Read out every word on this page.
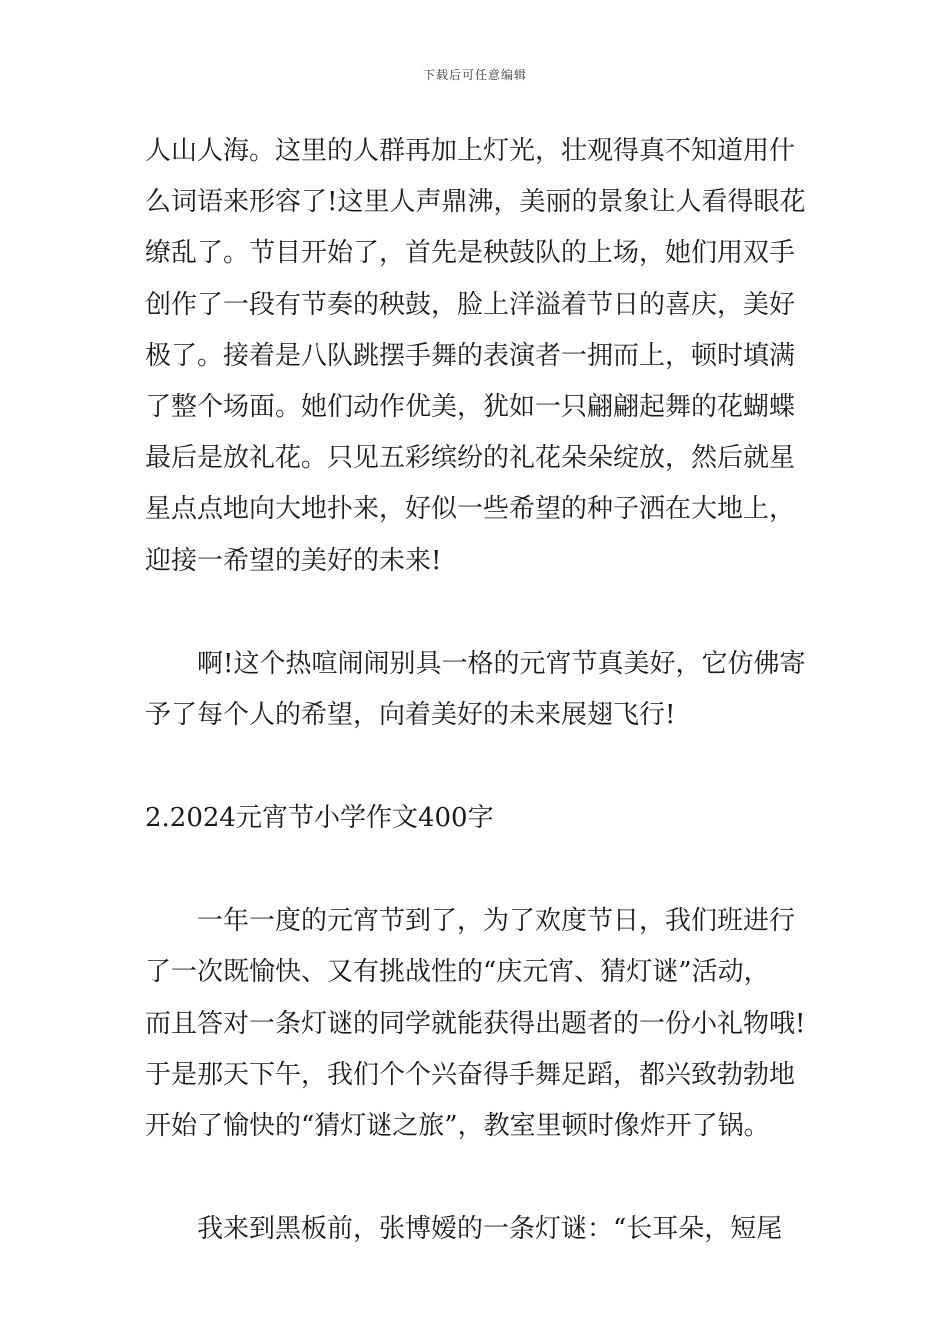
下载后可任意编辑
人山人海。这里的人群再加上灯光，壮观得真不知道用什
么词语来形容了!这里人声鼎沸，美丽的景象让人看得眼花
缭乱了。节目开始了，首先是秧鼓队的上场，她们用双手
创作了一段有节奏的秧鼓，脸上洋溢着节日的喜庆，美好
极了。接着是八队跳摆手舞的表演者一拥而上，顿时填满
了整个场面。她们动作优美，犹如一只翩翩起舞的花蝴蝶
最后是放礼花。只见五彩缤纷的礼花朵朵绽放，然后就星
星点点地向大地扑来，好似一些希望的种子洒在大地上，
迎接一希望的美好的未来!
　　啊!这个热喧闹闹别具一格的元宵节真美好，它仿佛寄
予了每个人的希望，向着美好的未来展翅飞行!
2.2024元宵节小学作文400字
　　一年一度的元宵节到了，为了欢度节日，我们班进行
了一次既愉快、又有挑战性的“庆元宵、猜灯谜”活动，
而且答对一条灯谜的同学就能获得出题者的一份小礼物哦!
于是那天下午，我们个个兴奋得手舞足蹈，都兴致勃勃地
开始了愉快的“猜灯谜之旅”，教室里顿时像炸开了锅。
　　我来到黑板前，张博嫒的一条灯谜：“长耳朵，短尾
